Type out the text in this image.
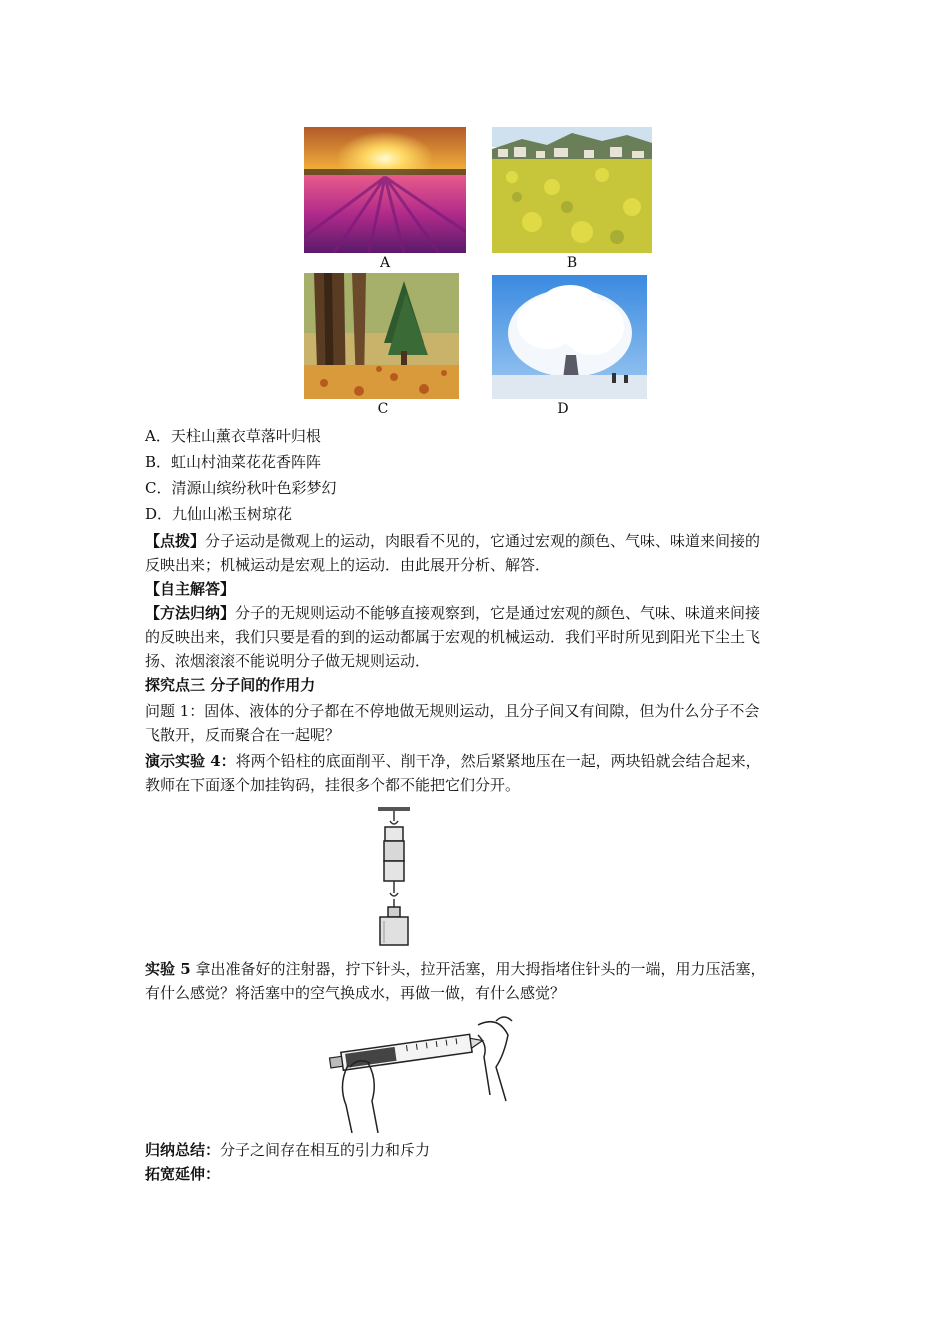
A	B
C	D
A．天柱山薰衣草落叶归根
B．虹山村油菜花花香阵阵
C．清源山缤纷秋叶色彩梦幻
D．九仙山凇玉树琼花
【点拨】分子运动是微观上的运动，肉眼看不见的，它通过宏观的颜色、气味、味道来间接的
反映出来；机械运动是宏观上的运动．由此展开分析、解答．
【自主解答】
【方法归纳】分子的无规则运动不能够直接观察到，它是通过宏观的颜色、气味、味道来间接
的反映出来，我们只要是看的到的运动都属于宏观的机械运动．我们平时所见到阳光下尘土飞
扬、浓烟滚滚不能说明分子做无规则运动．
探究点三 分子间的作用力
问题 1：固体、液体的分子都在不停地做无规则运动，且分子间又有间隙，但为什么分子不会
飞散开，反而聚合在一起呢？
演示实验 4：将两个铅柱的底面削平、削干净，然后紧紧地压在一起，两块铅就会结合起来，
教师在下面逐个加挂钩码，挂很多个都不能把它们分开。
实验 5 拿出准备好的注射器，拧下针头，拉开活塞，用大拇指堵住针头的一端，用力压活塞，
有什么感觉？将活塞中的空气换成水，再做一做，有什么感觉？
归纳总结：分子之间存在相互的引力和斥力
拓宽延伸：
